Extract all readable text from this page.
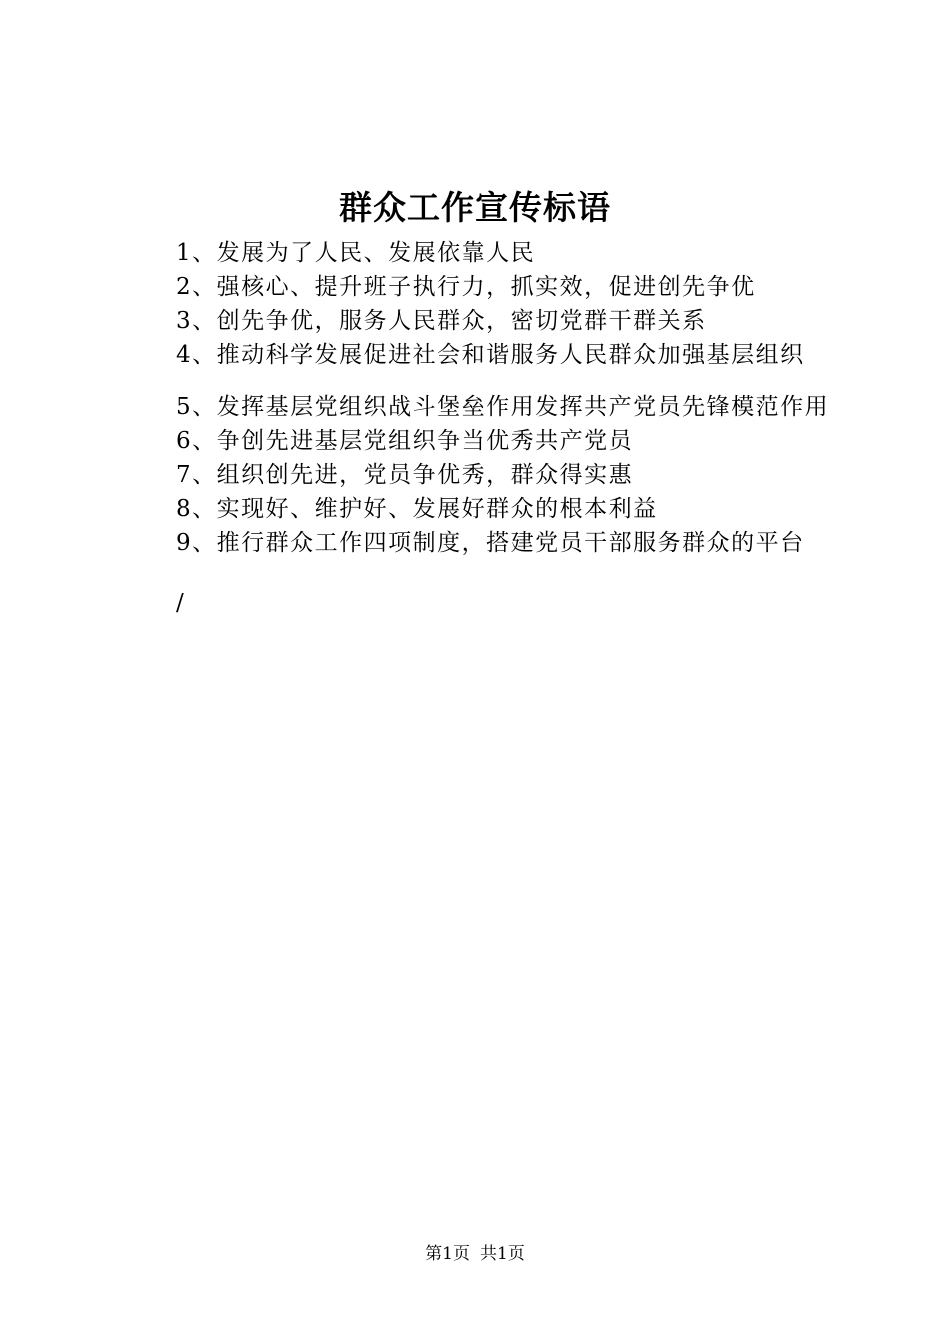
群众工作宣传标语
1、发展为了人民、发展依靠人民
2、强核心、提升班子执行力，抓实效，促进创先争优
3、创先争优，服务人民群众，密切党群干群关系
4、推动科学发展促进社会和谐服务人民群众加强基层组织
5、发挥基层党组织战斗堡垒作用发挥共产党员先锋模范作用
6、争创先进基层党组织争当优秀共产党员
7、组织创先进，党员争优秀，群众得实惠
8、实现好、维护好、发展好群众的根本利益
9、推行群众工作四项制度，搭建党员干部服务群众的平台
/
第1页 共1页
